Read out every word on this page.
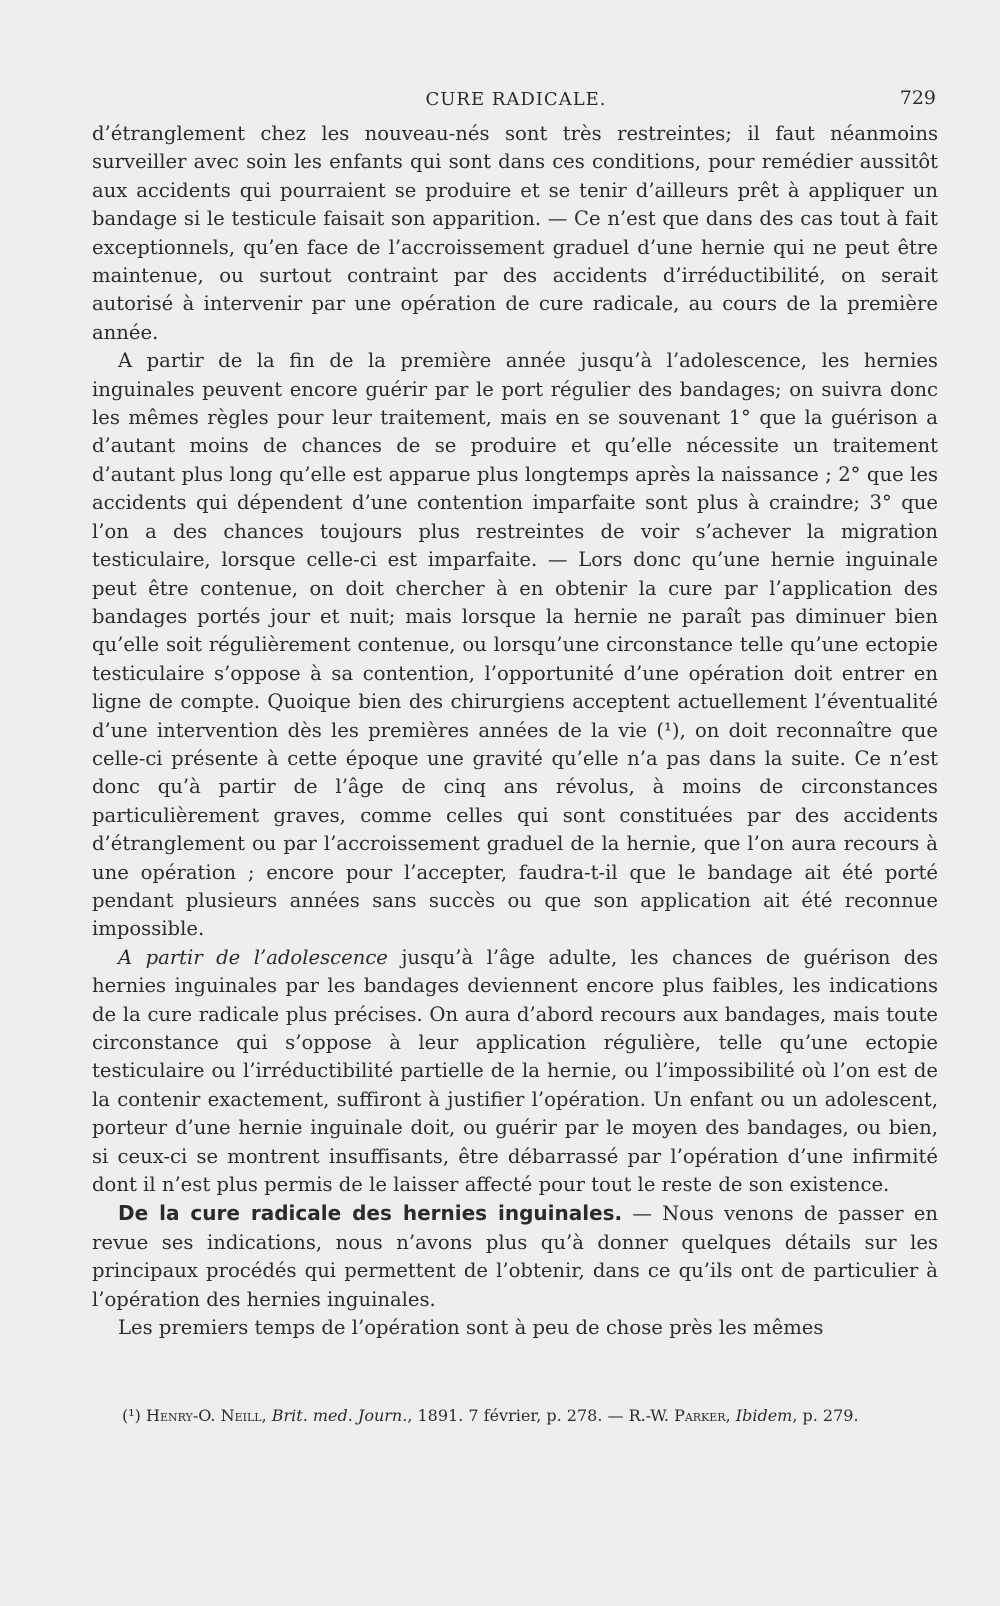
CURE RADICALE.	729

d’étranglement chez les nouveau-nés sont très restreintes; il faut néanmoins surveiller avec soin les enfants qui sont dans ces conditions, pour remédier aussitôt aux accidents qui pourraient se produire et se tenir d’ailleurs prêt à appliquer un bandage si le testicule faisait son apparition. — Ce n’est que dans des cas tout à fait exceptionnels, qu’en face de l’accroissement graduel d’une hernie qui ne peut être maintenue, ou surtout contraint par des accidents d’irréductibilité, on serait autorisé à intervenir par une opération de cure radicale, au cours de la première année.

A partir de la fin de la première année jusqu’à l’adolescence, les hernies inguinales peuvent encore guérir par le port régulier des bandages; on suivra donc les mêmes règles pour leur traitement, mais en se souvenant 1° que la guérison a d’autant moins de chances de se produire et qu’elle nécessite un traitement d’autant plus long qu’elle est apparue plus longtemps après la naissance ; 2° que les accidents qui dépendent d’une contention imparfaite sont plus à craindre; 3° que l’on a des chances toujours plus restreintes de voir s’achever la migration testiculaire, lorsque celle-ci est imparfaite. — Lors donc qu’une hernie inguinale peut être contenue, on doit chercher à en obtenir la cure par l’application des bandages portés jour et nuit; mais lorsque la hernie ne paraît pas diminuer bien qu’elle soit régulièrement contenue, ou lorsqu’une circonstance telle qu’une ectopie testiculaire s’oppose à sa contention, l’opportunité d’une opération doit entrer en ligne de compte. Quoique bien des chirurgiens acceptent actuellement l’éventualité d’une intervention dès les premières années de la vie (¹), on doit reconnaître que celle-ci présente à cette époque une gravité qu’elle n’a pas dans la suite. Ce n’est donc qu’à partir de l’âge de cinq ans révolus, à moins de circonstances particulièrement graves, comme celles qui sont constituées par des accidents d’étranglement ou par l’accroissement graduel de la hernie, que l’on aura recours à une opération ; encore pour l’accepter, faudra-t-il que le bandage ait été porté pendant plusieurs années sans succès ou que son application ait été reconnue impossible.

A partir de l’adolescence jusqu’à l’âge adulte, les chances de guérison des hernies inguinales par les bandages deviennent encore plus faibles, les indications de la cure radicale plus précises. On aura d’abord recours aux bandages, mais toute circonstance qui s’oppose à leur application régulière, telle qu’une ectopie testiculaire ou l’irréductibilité partielle de la hernie, ou l’impossibilité où l’on est de la contenir exactement, suffiront à justifier l’opération. Un enfant ou un adolescent, porteur d’une hernie inguinale doit, ou guérir par le moyen des bandages, ou bien, si ceux-ci se montrent insuffisants, être débarrassé par l’opération d’une infirmité dont il n’est plus permis de le laisser affecté pour tout le reste de son existence.

De la cure radicale des hernies inguinales. — Nous venons de passer en revue ses indications, nous n’avons plus qu’à donner quelques détails sur les principaux procédés qui permettent de l’obtenir, dans ce qu’ils ont de particulier à l’opération des hernies inguinales.

Les premiers temps de l’opération sont à peu de chose près les mêmes

(¹) Henry-O. Neill, Brit. med. Journ., 1891. 7 février, p. 278. — R.-W. Parker, Ibidem, p. 279.
